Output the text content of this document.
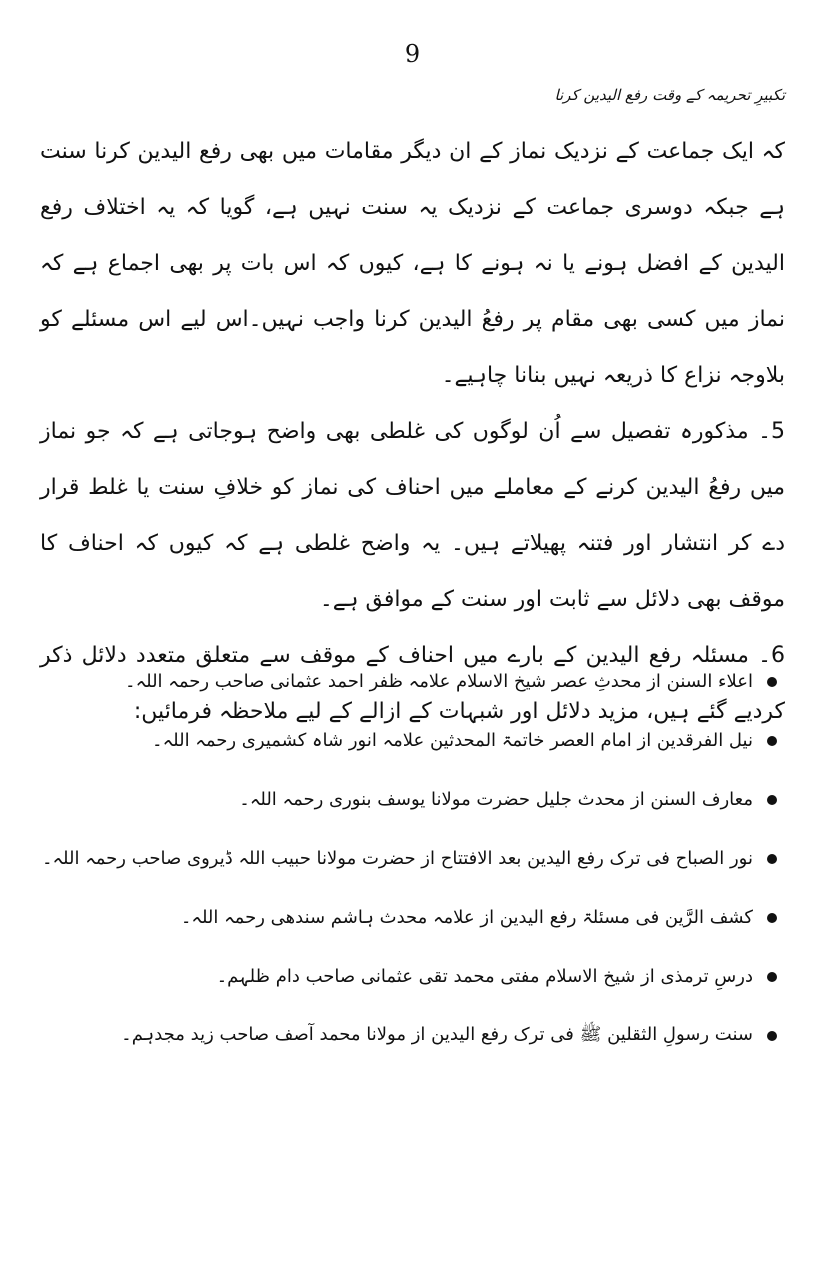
9
تکبیرِ تحریمہ کے وقت رفع الیدین کرنا

کہ ایک جماعت کے نزدیک نماز کے ان دیگر مقامات میں بھی رفع الیدین کرنا سنت ہے جبکہ دوسری جماعت کے نزدیک یہ سنت نہیں ہے، گویا کہ یہ اختلاف رفع الیدین کے افضل ہونے یا نہ ہونے کا ہے، کیوں کہ اس بات پر بھی اجماع ہے کہ نماز میں کسی بھی مقام پر رفعُ الیدین کرنا واجب نہیں۔اس لیے اس مسئلے کو بلاوجہ نزاع کا ذریعہ نہیں بنانا چاہیے۔

5۔ مذکورہ تفصیل سے اُن لوگوں کی غلطی بھی واضح ہوجاتی ہے کہ جو نماز میں رفعُ الیدین کرنے کے معاملے میں احناف کی نماز کو خلافِ سنت یا غلط قرار دے کر انتشار اور فتنہ پھیلاتے ہیں۔ یہ واضح غلطی ہے کہ کیوں کہ احناف کا موقف بھی دلائل سے ثابت اور سنت کے موافق ہے۔

6۔ مسئلہ رفع الیدین کے بارے میں احناف کے موقف سے متعلق متعدد دلائل ذکر کردیے گئے ہیں، مزید دلائل اور شبہات کے ازالے کے لیے ملاحظہ فرمائیں:

اعلاء السنن از محدثِ عصر شیخ الاسلام علامہ ظفر احمد عثمانی صاحب رحمہ اللہ۔
نیل الفرقدین از امام العصر خاتمۃ المحدثین علامہ انور شاہ کشمیری رحمہ اللہ۔
معارف السنن از محدث جلیل حضرت مولانا یوسف بنوری رحمہ اللہ۔
نور الصباح فی ترک رفع الیدین بعد الافتتاح از حضرت مولانا حبیب اللہ ڈیروی صاحب رحمہ اللہ۔
کشف الرَّین فی مسئلۃ رفع الیدین از علامہ محدث ہاشم سندھی رحمہ اللہ۔
درسِ ترمذی از شیخ الاسلام مفتی محمد تقی عثمانی صاحب دام ظلہم۔
سنت رسولِ الثقلین ﷺ فی ترک رفع الیدین از مولانا محمد آصف صاحب زید مجدہم۔
